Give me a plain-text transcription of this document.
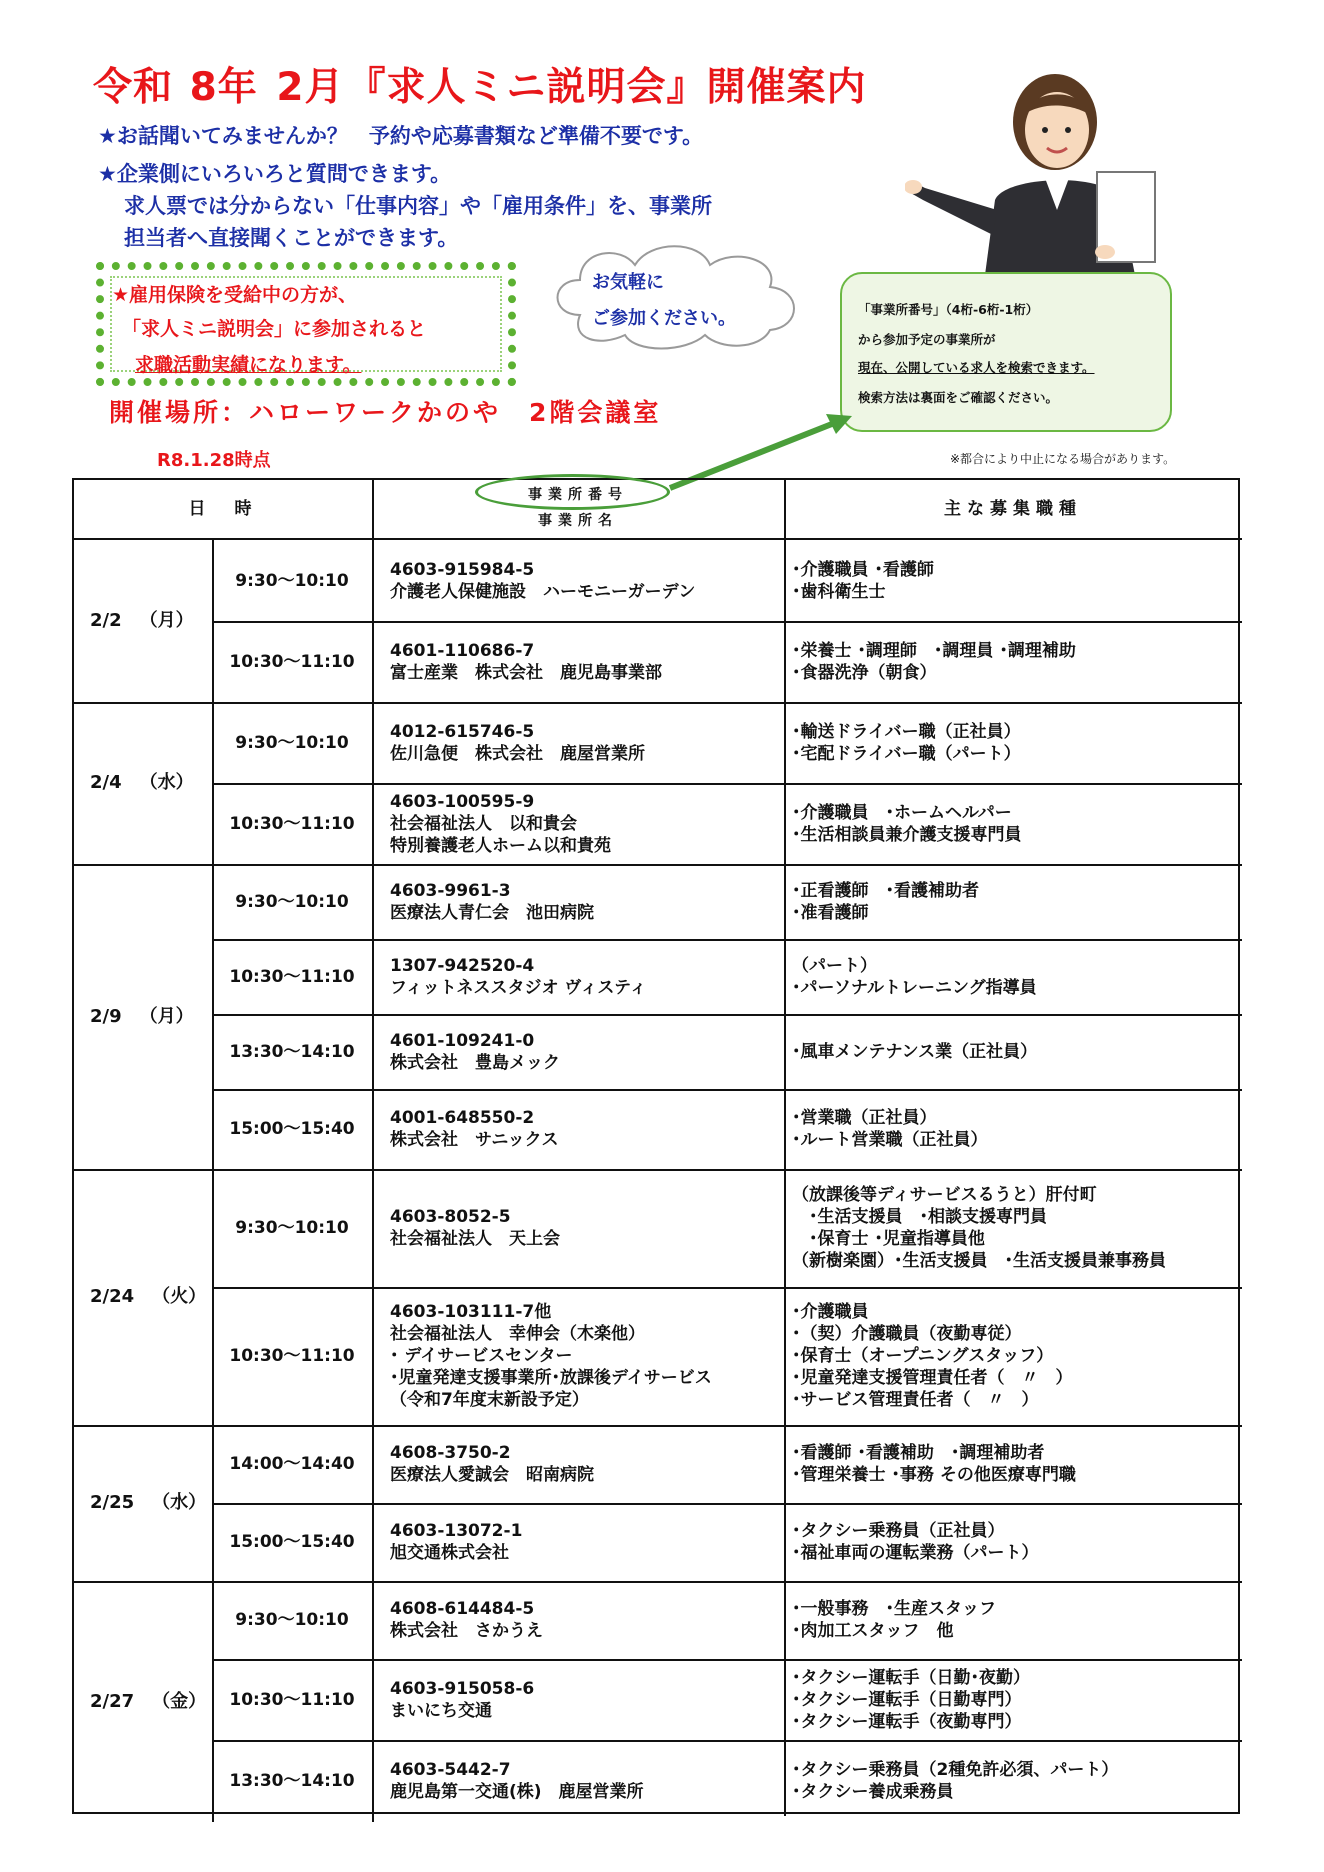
令和 8年 2月『求人ミニ説明会』開催案内
★お話聞いてみませんか？　予約や応募書類など準備不要です。
★企業側にいろいろと質問できます。
求人票では分からない「仕事内容」や「雇用条件」を、事業所
担当者へ直接聞くことができます。
★雇用保険を受給中の方が、
「求人ミニ説明会」に参加されると
求職活動実績になります。
お気軽に
ご参加ください。	「事業所番号」（4桁-6桁-1桁）
から参加予定の事業所が
現在、公開している求人を検索できます。
検索方法は裏面をご確認ください。
開催場所：ハローワークかのや　2階会議室
R8.1.28時点	※都合により中止になる場合があります。
日　時
事業所番号
事業所名
主な募集職種
2/2 （月）
9:30～10:10
4603-915984-5
介護老人保健施設　ハーモニーガーデン
･介護職員 ･看護師
･歯科衛生士
10:30～11:10
4601-110686-7
富士産業　株式会社　鹿児島事業部
･栄養士 ･調理師　･調理員 ･調理補助
･食器洗浄（朝食）
2/4 （水）
9:30～10:10
4012-615746-5
佐川急便　株式会社　鹿屋営業所
･輸送ドライバー職（正社員）
･宅配ドライバー職（パート）
10:30～11:10
4603-100595-9
社会福祉法人　以和貴会
特別養護老人ホーム以和貴苑
･介護職員　･ホームヘルパー
･生活相談員兼介護支援専門員
2/9 （月）
9:30～10:10
4603-9961-3
医療法人青仁会　池田病院
･正看護師　･看護補助者
･准看護師
10:30～11:10
1307-942520-4
フィットネススタジオ ヴィスティ
（パート）
･パーソナルトレーニング指導員
13:30～14:10
4601-109241-0
株式会社　豊島メック
･風車メンテナンス業（正社員）
15:00～15:40
4001-648550-2
株式会社　サニックス
･営業職（正社員）
･ルート営業職（正社員）
2/24 （火）
9:30～10:10
4603-8052-5
社会福祉法人　天上会
（放課後等ディサービスるうと）肝付町
　･生活支援員　･相談支援専門員
　･保育士 ･児童指導員他
（新樹楽園）･生活支援員　･生活支援員兼事務員
10:30～11:10
4603-103111-7他
社会福祉法人　幸伸会（木楽他）
･ デイサービスセンター
･児童発達支援事業所･放課後デイサービス
（令和7年度末新設予定）
･介護職員
･（契）介護職員（夜勤専従）
･保育士（オープニングスタッフ）
･児童発達支援管理責任者（　〃　）
･サービス管理責任者（　〃　）
2/25 （水）
14:00～14:40
4608-3750-2
医療法人愛誠会　昭南病院
･看護師 ･看護補助　･調理補助者
･管理栄養士 ･事務 その他医療専門職
15:00～15:40
4603-13072-1
旭交通株式会社
･タクシー乗務員（正社員）
･福祉車両の運転業務（パート）
2/27 （金）
9:30～10:10
4608-614484-5
株式会社　さかうえ
･一般事務　･生産スタッフ
･肉加工スタッフ　他
10:30～11:10
4603-915058-6
まいにち交通
･タクシー運転手（日勤･夜勤）
･タクシー運転手（日勤専門）
･タクシー運転手（夜勤専門）
13:30～14:10
4603-5442-7
鹿児島第一交通(株)　鹿屋営業所
･タクシー乗務員（2種免許必須、パート）
･タクシー養成乗務員
